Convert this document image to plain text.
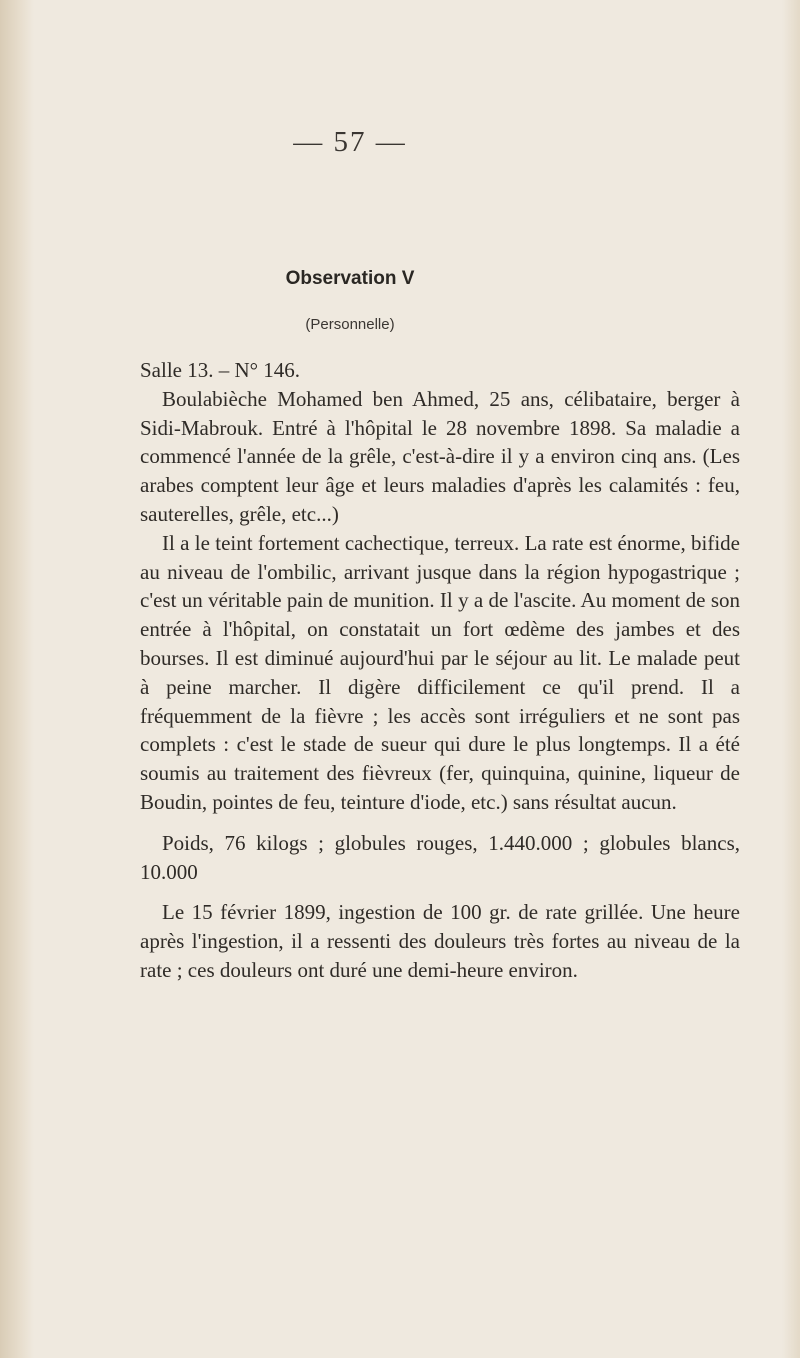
— 57 —
Observation V
(Personnelle)

Salle 13. – N° 146.

Boulabièche Mohamed ben Ahmed, 25 ans, célibataire, berger à Sidi-Mabrouk. Entré à l'hôpital le 28 novembre 1898. Sa maladie a commencé l'année de la grêle, c'est-à-dire il y a environ cinq ans. (Les arabes comptent leur âge et leurs maladies d'après les calamités : feu, sauterelles, grêle, etc...)

Il a le teint fortement cachectique, terreux. La rate est énorme, bifide au niveau de l'ombilic, arrivant jusque dans la région hypogastrique ; c'est un véritable pain de munition. Il y a de l'ascite. Au moment de son entrée à l'hôpital, on constatait un fort œdème des jambes et des bourses. Il est diminué aujourd'hui par le séjour au lit. Le malade peut à peine marcher. Il digère difficilement ce qu'il prend. Il a fréquemment de la fièvre ; les accès sont irréguliers et ne sont pas complets : c'est le stade de sueur qui dure le plus longtemps. Il a été soumis au traitement des fièvreux (fer, quinquina, quinine, liqueur de Boudin, pointes de feu, teinture d'iode, etc.) sans résultat aucun.

Poids, 76 kilogs ; globules rouges, 1.440.000 ; globules blancs, 10.000

Le 15 février 1899, ingestion de 100 gr. de rate grillée. Une heure après l'ingestion, il a ressenti des douleurs très fortes au niveau de la rate ; ces douleurs ont duré une demi-heure environ.
